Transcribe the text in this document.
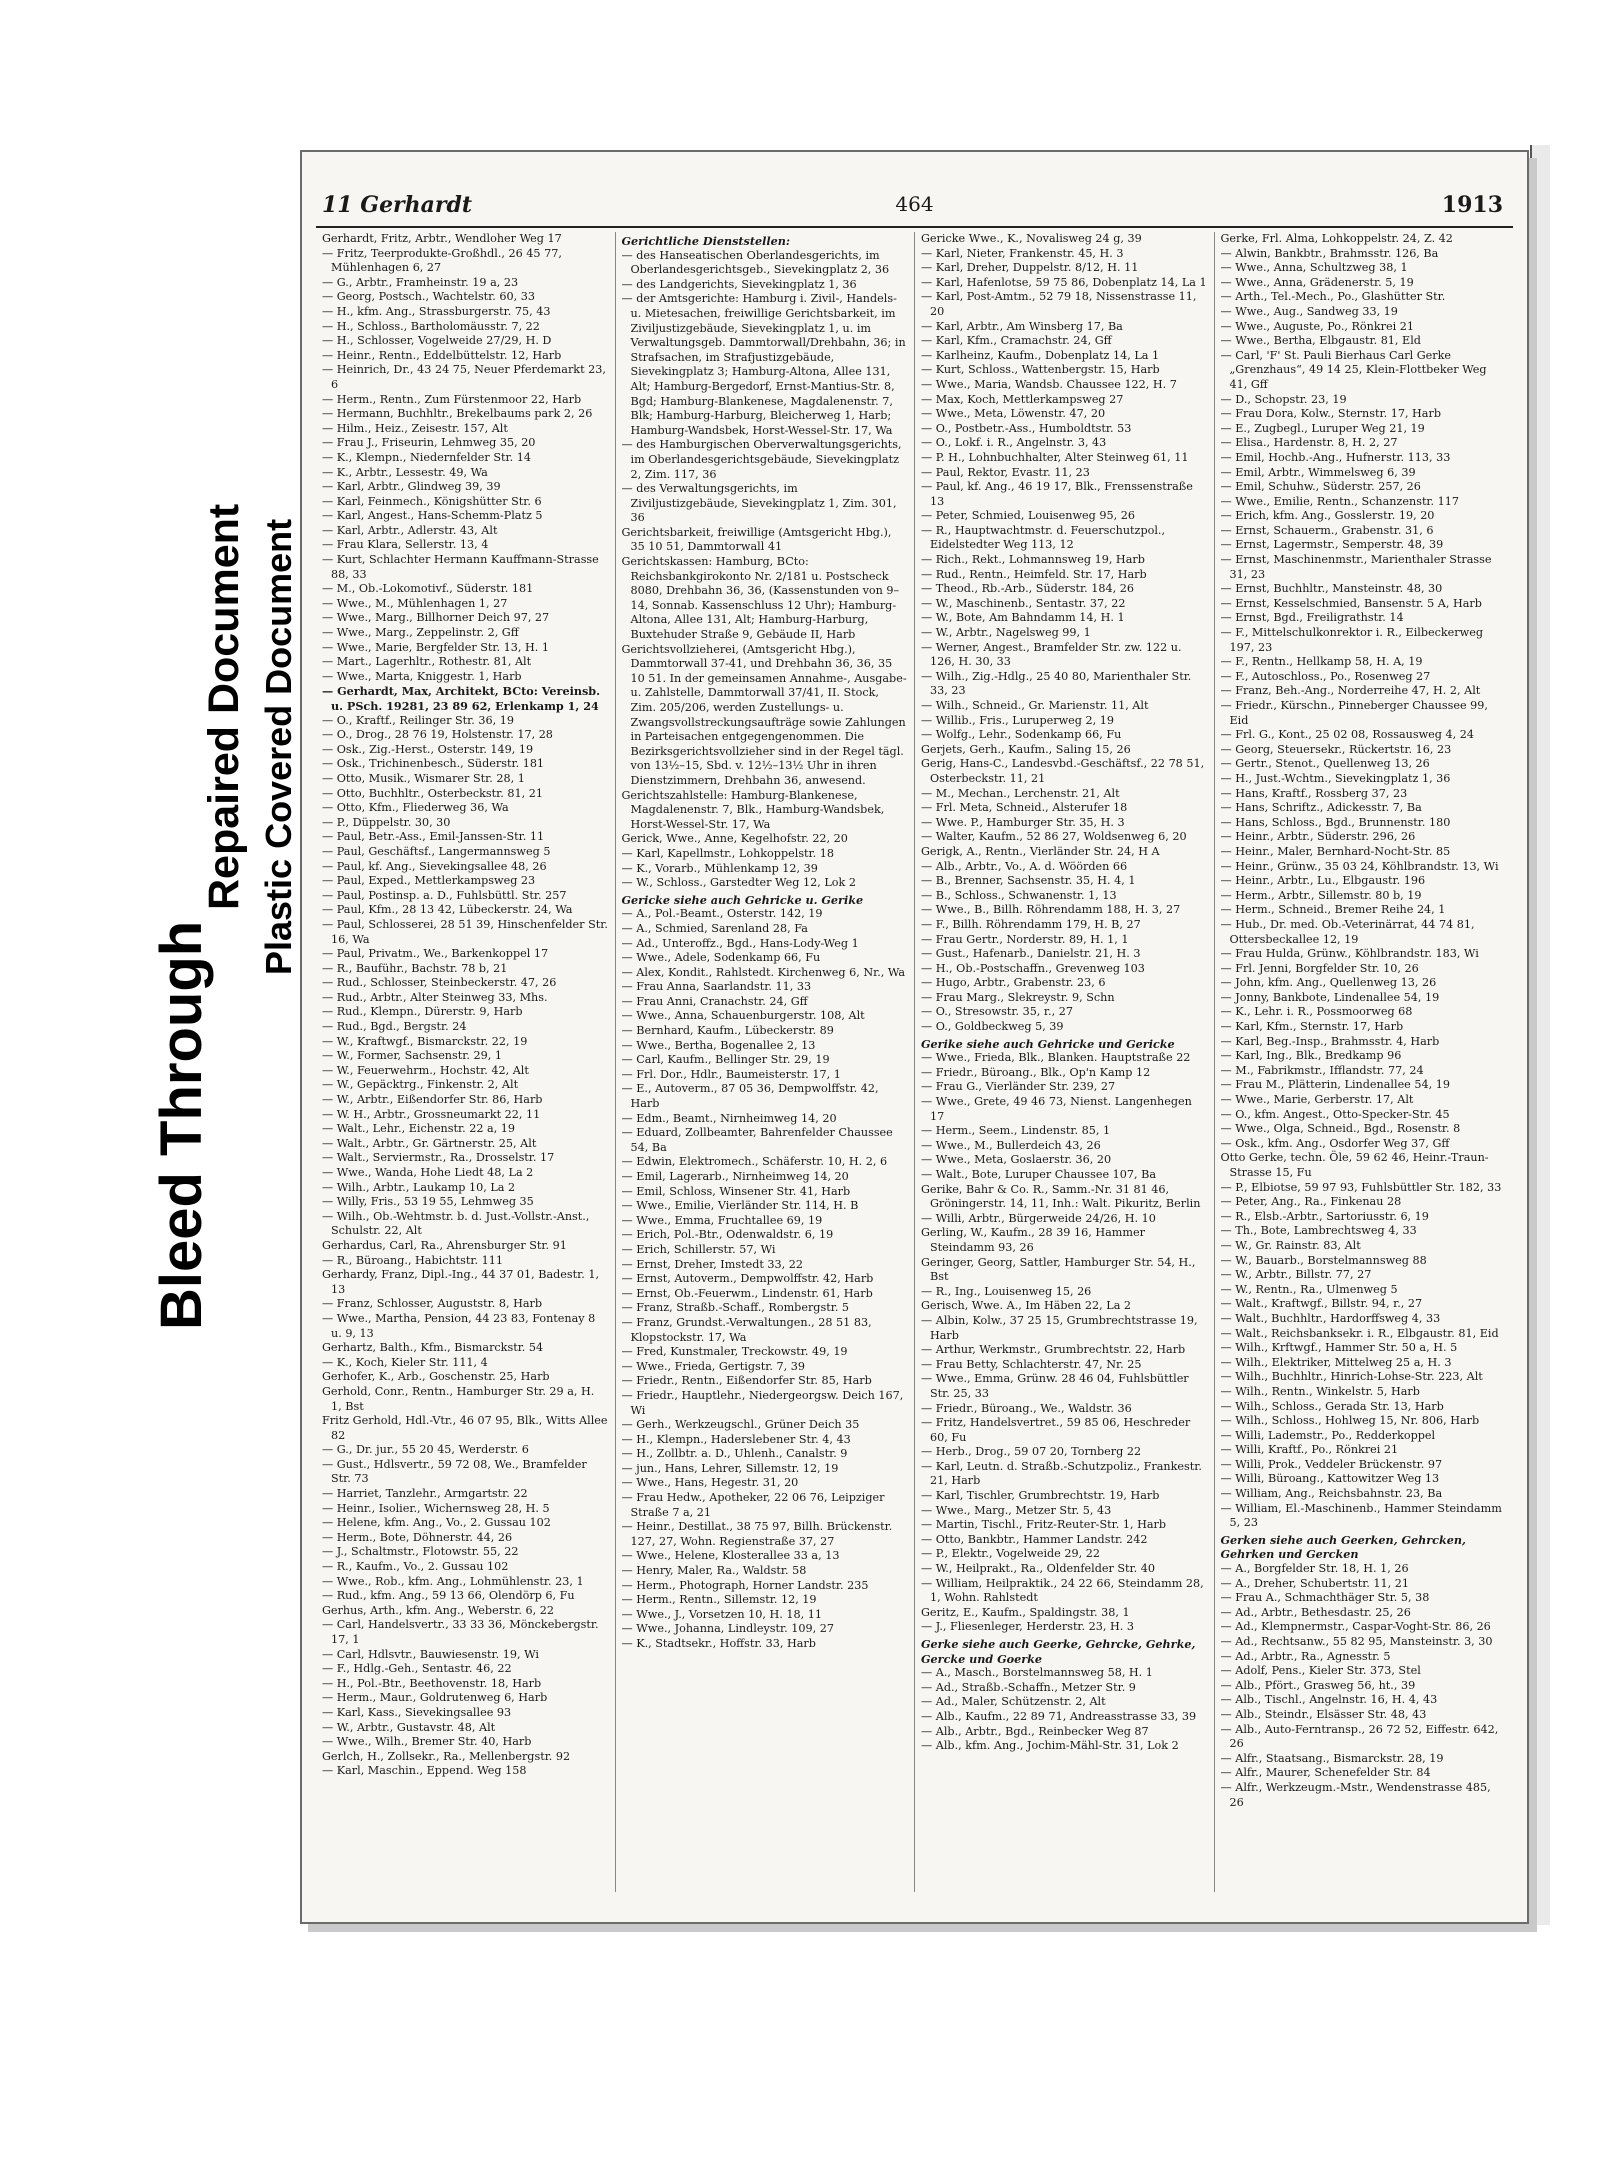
Bleed Through
Repaired Document Plastic Covered Document
11 Gerhardt	464	1913

Gerhardt, Fritz, Arbtr., Wendloher Weg 17

— Fritz, Teerprodukte-Großhdl., 26 45 77, Mühlenhagen 6, 27

— G., Arbtr., Framheinstr. 19 a, 23

— Georg, Postsch., Wachtelstr. 60, 33

— H., kfm. Ang., Strassburgerstr. 75, 43

— H., Schloss., Bartholomäusstr. 7, 22

— H., Schlosser, Vogelweide 27/29, H. D

— Heinr., Rentn., Eddelbüttelstr. 12, Harb

— Heinrich, Dr., 43 24 75, Neuer Pferdemarkt 23, 6

— Herm., Rentn., Zum Fürstenmoor 22, Harb

— Hermann, Buchhltr., Brekelbaums park 2, 26

— Hilm., Heiz., Zeisestr. 157, Alt

— Frau J., Friseurin, Lehmweg 35, 20

— K., Klempn., Niedernfelder Str. 14

— K., Arbtr., Lessestr. 49, Wa

— Karl, Arbtr., Glindweg 39, 39

— Karl, Feinmech., Königshütter Str. 6

— Karl, Angest., Hans-Schemm-Platz 5

— Karl, Arbtr., Adlerstr. 43, Alt

— Frau Klara, Sellerstr. 13, 4

— Kurt, Schlachter Hermann Kauffmann-Strasse 88, 33

— M., Ob.-Lokomotivf., Süderstr. 181

— Wwe., M., Mühlenhagen 1, 27

— Wwe., Marg., Billhorner Deich 97, 27

— Wwe., Marg., Zeppelinstr. 2, Gff

— Wwe., Marie, Bergfelder Str. 13, H. 1

— Mart., Lagerhltr., Rothestr. 81, Alt

— Wwe., Marta, Kniggestr. 1, Harb

— Gerhardt, Max, Architekt, BCto: Vereinsb. u. PSch. 19281, 23 89 62, Erlenkamp 1, 24

— O., Kraftf., Reilinger Str. 36, 19

— O., Drog., 28 76 19, Holstenstr. 17, 28

— Osk., Zig.-Herst., Osterstr. 149, 19

— Osk., Trichinenbesch., Süderstr. 181

— Otto, Musik., Wismarer Str. 28, 1

— Otto, Buchhltr., Osterbeckstr. 81, 21

— Otto, Kfm., Fliederweg 36, Wa

— P., Düppelstr. 30, 30

— Paul, Betr.-Ass., Emil-Janssen-Str. 11

— Paul, Geschäftsf., Langermannsweg 5

— Paul, kf. Ang., Sievekingsallee 48, 26

— Paul, Exped., Mettlerkampsweg 23

— Paul, Postinsp. a. D., Fuhlsbüttl. Str. 257

— Paul, Kfm., 28 13 42, Lübeckerstr. 24, Wa

— Paul, Schlosserei, 28 51 39, Hinschenfelder Str. 16, Wa

— Paul, Privatm., We., Barkenkoppel 17

— R., Bauführ., Bachstr. 78 b, 21

— Rud., Schlosser, Steinbeckerstr. 47, 26

— Rud., Arbtr., Alter Steinweg 33, Mhs.

— Rud., Klempn., Dürerstr. 9, Harb

— Rud., Bgd., Bergstr. 24

— W., Kraftwgf., Bismarckstr. 22, 19

— W., Former, Sachsenstr. 29, 1

— W., Feuerwehrm., Hochstr. 42, Alt

— W., Gepäcktrg., Finkenstr. 2, Alt

— W., Arbtr., Eißendorfer Str. 86, Harb

— W. H., Arbtr., Grossneumarkt 22, 11

— Walt., Lehr., Eichenstr. 22 a, 19

— Walt., Arbtr., Gr. Gärtnerstr. 25, Alt

— Walt., Serviermstr., Ra., Drosselstr. 17

— Wwe., Wanda, Hohe Liedt 48, La 2

— Wilh., Arbtr., Laukamp 10, La 2

— Willy, Fris., 53 19 55, Lehmweg 35

— Wilh., Ob.-Wehtmstr. b. d. Just.-Vollstr.-Anst., Schulstr. 22, Alt

Gerhardus, Carl, Ra., Ahrensburger Str. 91

— R., Büroang., Habichtstr. 111

Gerhardy, Franz, Dipl.-Ing., 44 37 01, Badestr. 1, 13

— Franz, Schlosser, Auguststr. 8, Harb

— Wwe., Martha, Pension, 44 23 83, Fontenay 8 u. 9, 13

Gerhartz, Balth., Kfm., Bismarckstr. 54

— K., Koch, Kieler Str. 111, 4

Gerhofer, K., Arb., Goschenstr. 25, Harb

Gerhold, Conr., Rentn., Hamburger Str. 29 a, H. 1, Bst

Fritz Gerhold, Hdl.-Vtr., 46 07 95, Blk., Witts Allee 82

— G., Dr. jur., 55 20 45, Werderstr. 6

— Gust., Hdlsvertr., 59 72 08, We., Bramfelder Str. 73

— Harriet, Tanzlehr., Armgartstr. 22

— Heinr., Isolier., Wichernsweg 28, H. 5

— Helene, kfm. Ang., Vo., 2. Gussau 102

— Herm., Bote, Döhnerstr. 44, 26

— J., Schaltmstr., Flotowstr. 55, 22

— R., Kaufm., Vo., 2. Gussau 102

— Wwe., Rob., kfm. Ang., Lohmühlenstr. 23, 1

— Rud., kfm. Ang., 59 13 66, Olendörp 6, Fu

Gerhus, Arth., kfm. Ang., Weberstr. 6, 22

— Carl, Handelsvertr., 33 33 36, Mönckebergstr. 17, 1

— Carl, Hdlsvtr., Bauwiesenstr. 19, Wi

— F., Hdlg.-Geh., Sentastr. 46, 22

— H., Pol.-Btr., Beethovenstr. 18, Harb

— Herm., Maur., Goldrutenweg 6, Harb

— Karl, Kass., Sievekingsallee 93

— W., Arbtr., Gustavstr. 48, Alt

— Wwe., Wilh., Bremer Str. 40, Harb

Gerlch, H., Zollsekr., Ra., Mellenbergstr. 92

— Karl, Maschin., Eppend. Weg 158

Gerichtliche Dienststellen:

— des Hanseatischen Oberlandesgerichts, im Oberlandesgerichtsgeb., Sievekingplatz 2, 36

— des Landgerichts, Sievekingplatz 1, 36

— der Amtsgerichte: Hamburg i. Zivil-, Handels- u. Mietesachen, freiwillige Gerichtsbarkeit, im Ziviljustizgebäude, Sievekingplatz 1, u. im Verwaltungsgeb. Dammtorwall/Drehbahn, 36; in Strafsachen, im Strafjustizgebäude, Sievekingplatz 3; Hamburg-Altona, Allee 131, Alt; Hamburg-Bergedorf, Ernst-Mantius-Str. 8, Bgd; Hamburg-Blankenese, Magdalenenstr. 7, Blk; Hamburg-Harburg, Bleicherweg 1, Harb; Hamburg-Wandsbek, Horst-Wessel-Str. 17, Wa

— des Hamburgischen Oberverwaltungsgerichts, im Oberlandesgerichtsgebäude, Sievekingplatz 2, Zim. 117, 36

— des Verwaltungsgerichts, im Ziviljustizgebäude, Sievekingplatz 1, Zim. 301, 36

Gerichtsbarkeit, freiwillige (Amtsgericht Hbg.), 35 10 51, Dammtorwall 41

Gerichtskassen: Hamburg, BCto: Reichsbankgirokonto Nr. 2/181 u. Postscheck 8080, Drehbahn 36, 36, (Kassenstunden von 9–14, Sonnab. Kassenschluss 12 Uhr); Hamburg-Altona, Allee 131, Alt; Hamburg-Harburg, Buxtehuder Straße 9, Gebäude II, Harb

Gerichtsvollzieherei, (Amtsgericht Hbg.), Dammtorwall 37-41, und Drehbahn 36, 36, 35 10 51. In der gemeinsamen Annahme-, Ausgabe- u. Zahlstelle, Dammtorwall 37/41, II. Stock, Zim. 205/206, werden Zustellungs- u. Zwangsvollstreckungsaufträge sowie Zahlungen in Parteisachen entgegengenommen. Die Bezirksgerichtsvollzieher sind in der Regel tägl. von 13½–15, Sbd. v. 12½–13½ Uhr in ihren Dienstzimmern, Drehbahn 36, anwesend.

Gerichtszahlstelle: Hamburg-Blankenese, Magdalenenstr. 7, Blk., Hamburg-Wandsbek, Horst-Wessel-Str. 17, Wa

Gerick, Wwe., Anne, Kegelhofstr. 22, 20

— Karl, Kapellmstr., Lohkoppelstr. 18

— K., Vorarb., Mühlenkamp 12, 39

— W., Schloss., Garstedter Weg 12, Lok 2

Gericke siehe auch Gehricke u. Gerike

— A., Pol.-Beamt., Osterstr. 142, 19

— A., Schmied, Sarenland 28, Fa

— Ad., Unteroffz., Bgd., Hans-Lody-Weg 1

— Wwe., Adele, Sodenkamp 66, Fu

— Alex, Kondit., Rahlstedt. Kirchenweg 6, Nr., Wa

— Frau Anna, Saarlandstr. 11, 33

— Frau Anni, Cranachstr. 24, Gff

— Wwe., Anna, Schauenburgerstr. 108, Alt

— Bernhard, Kaufm., Lübeckerstr. 89

— Wwe., Bertha, Bogenallee 2, 13

— Carl, Kaufm., Bellinger Str. 29, 19

— Frl. Dor., Hdlr., Baumeisterstr. 17, 1

— E., Autoverm., 87 05 36, Dempwolffstr. 42, Harb

— Edm., Beamt., Nirnheimweg 14, 20

— Eduard, Zollbeamter, Bahrenfelder Chaussee 54, Ba

— Edwin, Elektromech., Schäferstr. 10, H. 2, 6

— Emil, Lagerarb., Nirnheimweg 14, 20

— Emil, Schloss, Winsener Str. 41, Harb

— Wwe., Emilie, Vierländer Str. 114, H. B

— Wwe., Emma, Fruchtallee 69, 19

— Erich, Pol.-Btr., Odenwaldstr. 6, 19

— Erich, Schillerstr. 57, Wi

— Ernst, Dreher, Imstedt 33, 22

— Ernst, Autoverm., Dempwolffstr. 42, Harb

— Ernst, Ob.-Feuerwm., Lindenstr. 61, Harb

— Franz, Straßb.-Schaff., Rombergstr. 5

— Franz, Grundst.-Verwaltungen., 28 51 83, Klopstockstr. 17, Wa

— Fred, Kunstmaler, Treckowstr. 49, 19

— Wwe., Frieda, Gertigstr. 7, 39

— Friedr., Rentn., Eißendorfer Str. 85, Harb

— Friedr., Hauptlehr., Niedergeorgsw. Deich 167, Wi

— Gerh., Werkzeugschl., Grüner Deich 35

— H., Klempn., Haderslebener Str. 4, 43

— H., Zollbtr. a. D., Uhlenh., Canalstr. 9

— jun., Hans, Lehrer, Sillemstr. 12, 19

— Wwe., Hans, Hegestr. 31, 20

— Frau Hedw., Apotheker, 22 06 76, Leipziger Straße 7 a, 21

— Heinr., Destillat., 38 75 97, Billh. Brückenstr. 127, 27, Wohn. Regienstraße 37, 27

— Wwe., Helene, Klosterallee 33 a, 13

— Henry, Maler, Ra., Waldstr. 58

— Herm., Photograph, Horner Landstr. 235

— Herm., Rentn., Sillemstr. 12, 19

— Wwe., J., Vorsetzen 10, H. 18, 11

— Wwe., Johanna, Lindleystr. 109, 27

— K., Stadtsekr., Hoffstr. 33, Harb

Gericke Wwe., K., Novalisweg 24 g, 39

— Karl, Nieter, Frankenstr. 45, H. 3

— Karl, Dreher, Duppelstr. 8/12, H. 11

— Karl, Hafenlotse, 59 75 86, Dobenplatz 14, La 1

— Karl, Post-Amtm., 52 79 18, Nissenstrasse 11, 20

— Karl, Arbtr., Am Winsberg 17, Ba

— Karl, Kfm., Cramachstr. 24, Gff

— Karlheinz, Kaufm., Dobenplatz 14, La 1

— Kurt, Schloss., Wattenbergstr. 15, Harb

— Wwe., Maria, Wandsb. Chaussee 122, H. 7

— Max, Koch, Mettlerkampsweg 27

— Wwe., Meta, Löwenstr. 47, 20

— O., Postbetr.-Ass., Humboldtstr. 53

— O., Lokf. i. R., Angelnstr. 3, 43

— P. H., Lohnbuchhalter, Alter Steinweg 61, 11

— Paul, Rektor, Evastr. 11, 23

— Paul, kf. Ang., 46 19 17, Blk., Frenssenstraße 13

— Peter, Schmied, Louisenweg 95, 26

— R., Hauptwachtmstr. d. Feuerschutzpol., Eidelstedter Weg 113, 12

— Rich., Rekt., Lohmannsweg 19, Harb

— Rud., Rentn., Heimfeld. Str. 17, Harb

— Theod., Rb.-Arb., Süderstr. 184, 26

— W., Maschinenb., Sentastr. 37, 22

— W., Bote, Am Bahndamm 14, H. 1

— W., Arbtr., Nagelsweg 99, 1

— Werner, Angest., Bramfelder Str. zw. 122 u. 126, H. 30, 33

— Wilh., Zig.-Hdlg., 25 40 80, Marienthaler Str. 33, 23

— Wilh., Schneid., Gr. Marienstr. 11, Alt

— Willib., Fris., Luruperweg 2, 19

— Wolfg., Lehr., Sodenkamp 66, Fu

Gerjets, Gerh., Kaufm., Saling 15, 26

Gerig, Hans-C., Landesvbd.-Geschäftsf., 22 78 51, Osterbeckstr. 11, 21

— M., Mechan., Lerchenstr. 21, Alt

— Frl. Meta, Schneid., Alsterufer 18

— Wwe. P., Hamburger Str. 35, H. 3

— Walter, Kaufm., 52 86 27, Woldsenweg 6, 20

Gerigk, A., Rentn., Vierländer Str. 24, H A

— Alb., Arbtr., Vo., A. d. Wöörden 66

— B., Brenner, Sachsenstr. 35, H. 4, 1

— B., Schloss., Schwanenstr. 1, 13

— Wwe., B., Billh. Röhrendamm 188, H. 3, 27

— F., Billh. Röhrendamm 179, H. B, 27

— Frau Gertr., Norderstr. 89, H. 1, 1

— Gust., Hafenarb., Danielstr. 21, H. 3

— H., Ob.-Postschaffn., Grevenweg 103

— Hugo, Arbtr., Grabenstr. 23, 6

— Frau Marg., Slekreystr. 9, Schn

— O., Stresowstr. 35, r., 27

— O., Goldbeckweg 5, 39

Gerike siehe auch Gehricke und Gericke

— Wwe., Frieda, Blk., Blanken. Hauptstraße 22

— Friedr., Büroang., Blk., Op'n Kamp 12

— Frau G., Vierländer Str. 239, 27

— Wwe., Grete, 49 46 73, Nienst. Langenhegen 17

— Herm., Seem., Lindenstr. 85, 1

— Wwe., M., Bullerdeich 43, 26

— Wwe., Meta, Goslaerstr. 36, 20

— Walt., Bote, Luruper Chaussee 107, Ba

Gerike, Bahr & Co. R., Samm.-Nr. 31 81 46, Gröningerstr. 14, 11, Inh.: Walt. Pikuritz, Berlin

— Willi, Arbtr., Bürgerweide 24/26, H. 10

Gerling, W., Kaufm., 28 39 16, Hammer Steindamm 93, 26

Geringer, Georg, Sattler, Hamburger Str. 54, H., Bst

— R., Ing., Louisenweg 15, 26

Gerisch, Wwe. A., Im Häben 22, La 2

— Albin, Kolw., 37 25 15, Grumbrechtstrasse 19, Harb

— Arthur, Werkmstr., Grumbrechtstr. 22, Harb

— Frau Betty, Schlachterstr. 47, Nr. 25

— Wwe., Emma, Grünw. 28 46 04, Fuhlsbüttler Str. 25, 33

— Friedr., Büroang., We., Waldstr. 36

— Fritz, Handelsvertret., 59 85 06, Heschreder 60, Fu

— Herb., Drog., 59 07 20, Tornberg 22

— Karl, Leutn. d. Straßb.-Schutzpoliz., Frankestr. 21, Harb

— Karl, Tischler, Grumbrechtstr. 19, Harb

— Wwe., Marg., Metzer Str. 5, 43

— Martin, Tischl., Fritz-Reuter-Str. 1, Harb

— Otto, Bankbtr., Hammer Landstr. 242

— P., Elektr., Vogelweide 29, 22

— W., Heilprakt., Ra., Oldenfelder Str. 40

— William, Heilpraktik., 24 22 66, Steindamm 28, 1, Wohn. Rahlstedt

Geritz, E., Kaufm., Spaldingstr. 38, 1

— J., Fliesenleger, Herderstr. 23, H. 3

Gerke siehe auch Geerke, Gehrcke, Gehrke, Gercke und Goerke

— A., Masch., Borstelmannsweg 58, H. 1

— Ad., Straßb.-Schaffn., Metzer Str. 9

— Ad., Maler, Schützenstr. 2, Alt

— Alb., Kaufm., 22 89 71, Andreasstrasse 33, 39

— Alb., Arbtr., Bgd., Reinbecker Weg 87

— Alb., kfm. Ang., Jochim-Mähl-Str. 31, Lok 2

Gerke, Frl. Alma, Lohkoppelstr. 24, Z. 42

— Alwin, Bankbtr., Brahmsstr. 126, Ba

— Wwe., Anna, Schultzweg 38, 1

— Wwe., Anna, Grädenerstr. 5, 19

— Arth., Tel.-Mech., Po., Glashütter Str.

— Wwe., Aug., Sandweg 33, 19

— Wwe., Auguste, Po., Rönkrei 21

— Wwe., Bertha, Elbgaustr. 81, Eld

— Carl, 'F' St. Pauli Bierhaus Carl Gerke „Grenzhaus“, 49 14 25, Klein-Flottbeker Weg 41, Gff

— D., Schopstr. 23, 19

— Frau Dora, Kolw., Sternstr. 17, Harb

— E., Zugbegl., Luruper Weg 21, 19

— Elisa., Hardenstr. 8, H. 2, 27

— Emil, Hochb.-Ang., Hufnerstr. 113, 33

— Emil, Arbtr., Wimmelsweg 6, 39

— Emil, Schuhw., Süderstr. 257, 26

— Wwe., Emilie, Rentn., Schanzenstr. 117

— Erich, kfm. Ang., Gosslerstr. 19, 20

— Ernst, Schauerm., Grabenstr. 31, 6

— Ernst, Lagermstr., Semperstr. 48, 39

— Ernst, Maschinenmstr., Marienthaler Strasse 31, 23

— Ernst, Buchhltr., Mansteinstr. 48, 30

— Ernst, Kesselschmied, Bansenstr. 5 A, Harb

— Ernst, Bgd., Freiligrathstr. 14

— F., Mittelschulkonrektor i. R., Eilbeckerweg 197, 23

— F., Rentn., Hellkamp 58, H. A, 19

— F., Autoschloss., Po., Rosenweg 27

— Franz, Beh.-Ang., Norderreihe 47, H. 2, Alt

— Friedr., Kürschn., Pinneberger Chaussee 99, Eid

— Frl. G., Kont., 25 02 08, Rossausweg 4, 24

— Georg, Steuersekr., Rückertstr. 16, 23

— Gertr., Stenot., Quellenweg 13, 26

— H., Just.-Wchtm., Sievekingplatz 1, 36

— Hans, Kraftf., Rossberg 37, 23

— Hans, Schriftz., Adickesstr. 7, Ba

— Hans, Schloss., Bgd., Brunnenstr. 180

— Heinr., Arbtr., Süderstr. 296, 26

— Heinr., Maler, Bernhard-Nocht-Str. 85

— Heinr., Grünw., 35 03 24, Köhlbrandstr. 13, Wi

— Heinr., Arbtr., Lu., Elbgaustr. 196

— Herm., Arbtr., Sillemstr. 80 b, 19

— Herm., Schneid., Bremer Reihe 24, 1

— Hub., Dr. med. Ob.-Veterinärrat, 44 74 81, Ottersbeckallee 12, 19

— Frau Hulda, Grünw., Köhlbrandstr. 183, Wi

— Frl. Jenni, Borgfelder Str. 10, 26

— John, kfm. Ang., Quellenweg 13, 26

— Jonny, Bankbote, Lindenallee 54, 19

— K., Lehr. i. R., Possmoorweg 68

— Karl, Kfm., Sternstr. 17, Harb

— Karl, Beg.-Insp., Brahmsstr. 4, Harb

— Karl, Ing., Blk., Bredkamp 96

— M., Fabrikmstr., Ifflandstr. 77, 24

— Frau M., Plätterin, Lindenallee 54, 19

— Wwe., Marie, Gerberstr. 17, Alt

— O., kfm. Angest., Otto-Specker-Str. 45

— Wwe., Olga, Schneid., Bgd., Rosenstr. 8

— Osk., kfm. Ang., Osdorfer Weg 37, Gff

Otto Gerke, techn. Öle, 59 62 46, Heinr.-Traun-Strasse 15, Fu

— P., Elbiotse, 59 97 93, Fuhlsbüttler Str. 182, 33

— Peter, Ang., Ra., Finkenau 28

— R., Elsb.-Arbtr., Sartoriusstr. 6, 19

— Th., Bote, Lambrechtsweg 4, 33

— W., Gr. Rainstr. 83, Alt

— W., Bauarb., Borstelmannsweg 88

— W., Arbtr., Billstr. 77, 27

— W., Rentn., Ra., Ulmenweg 5

— Walt., Kraftwgf., Billstr. 94, r., 27

— Walt., Buchhltr., Hardorffsweg 4, 33

— Walt., Reichsbanksekr. i. R., Elbgaustr. 81, Eid

— Wilh., Krftwgf., Hammer Str. 50 a, H. 5

— Wilh., Elektriker, Mittelweg 25 a, H. 3

— Wilh., Buchhltr., Hinrich-Lohse-Str. 223, Alt

— Wilh., Rentn., Winkelstr. 5, Harb

— Wilh., Schloss., Gerada Str. 13, Harb

— Wilh., Schloss., Hohlweg 15, Nr. 806, Harb

— Willi, Lademstr., Po., Redderkoppel

— Willi, Kraftf., Po., Rönkrei 21

— Willi, Prok., Veddeler Brückenstr. 97

— Willi, Büroang., Kattowitzer Weg 13

— William, Ang., Reichsbahnstr. 23, Ba

— William, El.-Maschinenb., Hammer Steindamm 5, 23

Gerken siehe auch Geerken, Gehrcken, Gehrken und Gercken

— A., Borgfelder Str. 18, H. 1, 26

— A., Dreher, Schubertstr. 11, 21

— Frau A., Schmachthäger Str. 5, 38

— Ad., Arbtr., Bethesdastr. 25, 26

— Ad., Klempnermstr., Caspar-Voght-Str. 86, 26

— Ad., Rechtsanw., 55 82 95, Mansteinstr. 3, 30

— Ad., Arbtr., Ra., Agnesstr. 5

— Adolf, Pens., Kieler Str. 373, Stel

— Alb., Pfört., Grasweg 56, ht., 39

— Alb., Tischl., Angelnstr. 16, H. 4, 43

— Alb., Steindr., Elsässer Str. 48, 43

— Alb., Auto-Ferntransp., 26 72 52, Eiffestr. 642, 26

— Alfr., Staatsang., Bismarckstr. 28, 19

— Alfr., Maurer, Schenefelder Str. 84

— Alfr., Werkzeugm.-Mstr., Wendenstrasse 485, 26
